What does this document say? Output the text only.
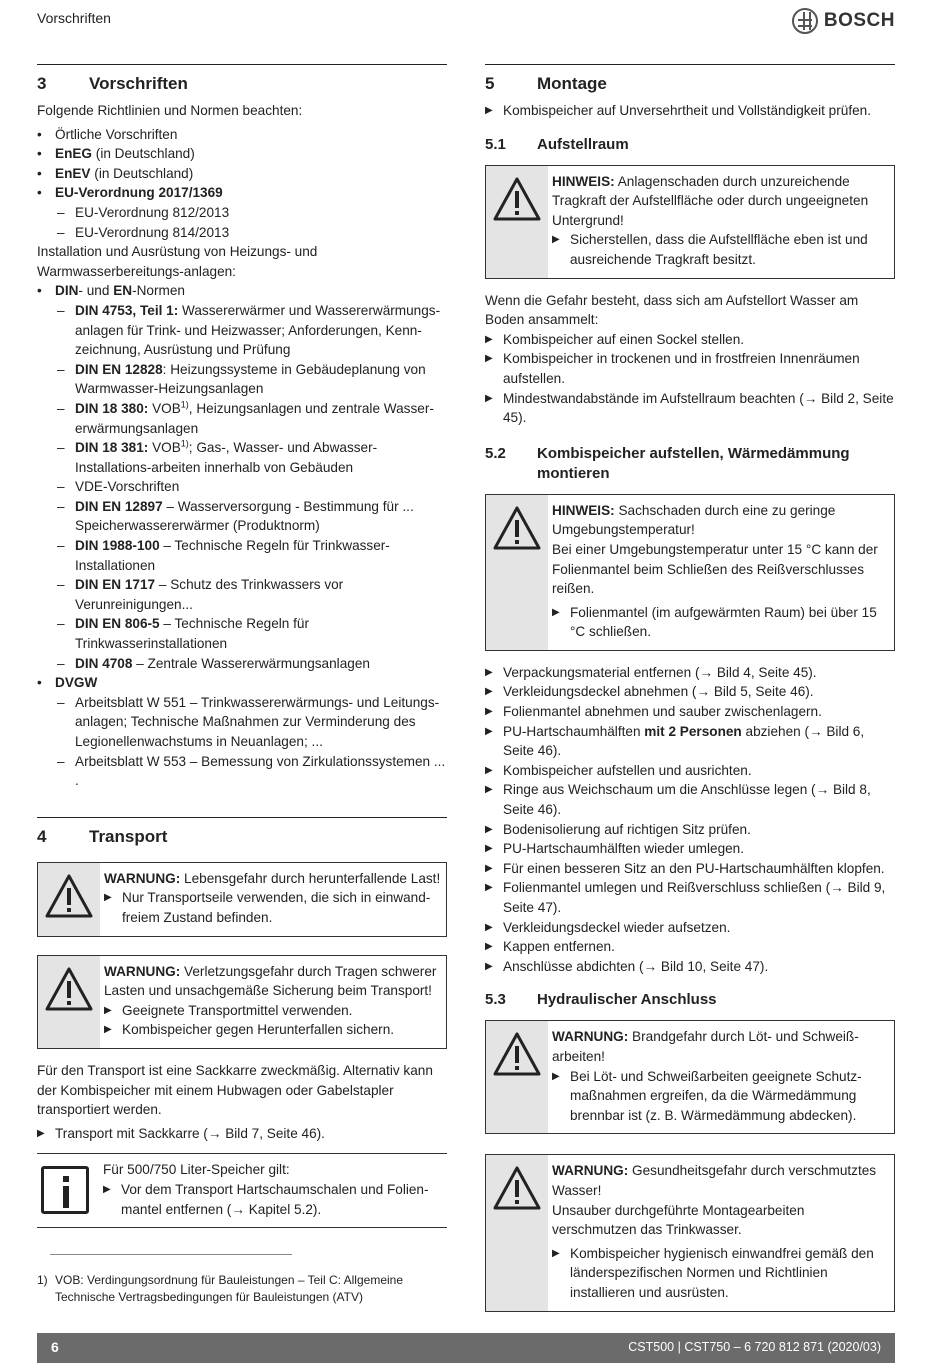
Vorschriften	BOSCH
3	Vorschriften

Folgende Richtlinien und Normen beachten:

• Örtliche Vorschriften
• EnEG (in Deutschland)
• EnEV (in Deutschland)
• EU-Verordnung 2017/1369
– EU-Verordnung 812/2013
– EU-Verordnung 814/2013

Installation und Ausrüstung von Heizungs- und Warmwasserbereitungs-anlagen:

• DIN- und EN-Normen
– DIN 4753, Teil 1: Wassererwärmer und Wassererwärmungs-anlagen für Trink- und Heizwasser; Anforderungen, Kenn-zeichnung, Ausrüstung und Prüfung
– DIN EN 12828: Heizungssysteme in Gebäudeplanung von Warmwasser-Heizungsanlagen
– DIN 18 380: VOB$^{1)}$, Heizungsanlagen und zentrale Wasser-erwärmungsanlagen
– DIN 18 381: VOB$^{1)}$; Gas-, Wasser- und Abwasser-Installations-arbeiten innerhalb von Gebäuden
– VDE-Vorschriften
– DIN EN 12897 – Wasserversorgung - Bestimmung für ... Speicherwassererwärmer (Produktnorm)
– DIN 1988-100 – Technische Regeln für Trinkwasser-Installationen
– DIN EN 1717 – Schutz des Trinkwassers vor Verunreinigungen...
– DIN EN 806-5 – Technische Regeln für Trinkwasserinstallationen
– DIN 4708 – Zentrale Wassererwärmungsanlagen
• DVGW
– Arbeitsblatt W 551 – Trinkwassererwärmungs- und Leitungs-anlagen; Technische Maßnahmen zur Verminderung des Legionellenwachstums in Neuanlagen; ...
– Arbeitsblatt W 553 – Bemessung von Zirkulationssystemen ... .
4	Transport

WARNUNG: Lebensgefahr durch herunterfallende Last!

▶ Nur Transportseile verwenden, die sich in einwand-freiem Zustand befinden.

WARNUNG: Verletzungsgefahr durch Tragen schwerer Lasten und unsachgemäße Sicherung beim Transport!

▶ Geeignete Transportmittel verwenden.
▶ Kombispeicher gegen Herunterfallen sichern.

Für den Transport ist eine Sackkarre zweckmäßig. Alternativ kann der Kombispeicher mit einem Hubwagen oder Gabelstapler transportiert werden.

▶ Transport mit Sackkarre (→ Bild 7, Seite 46).

Für 500/750 Liter-Speicher gilt:

▶ Vor dem Transport Hartschaumschalen und Folien-mantel entfernen (→ Kapitel 5.2).
5	Montage
▶ Kombispeicher auf Unversehrtheit und Vollständigkeit prüfen.
5.1	Aufstellraum

HINWEIS: Anlagenschaden durch unzureichende Tragkraft der Aufstellfläche oder durch ungeeigneten Untergrund!

▶ Sicherstellen, dass die Aufstellfläche eben ist und ausreichende Tragkraft besitzt.

Wenn die Gefahr besteht, dass sich am Aufstellort Wasser am Boden ansammelt:

▶ Kombispeicher auf einen Sockel stellen.
▶ Kombispeicher in trockenen und in frostfreien Innenräumen aufstellen.
▶ Mindestwandabstände im Aufstellraum beachten (→ Bild 2, Seite 45).
5.2	Kombispeicher aufstellen, Wärmedämmung montieren

HINWEIS: Sachschaden durch eine zu geringe Umgebungstemperatur!

Bei einer Umgebungstemperatur unter 15 °C kann der Folienmantel beim Schließen des Reißverschlusses reißen.

▶ Folienmantel (im aufgewärmten Raum) bei über 15 °C schließen.
▶ Verpackungsmaterial entfernen (→ Bild 4, Seite 45).
▶ Verkleidungsdeckel abnehmen (→ Bild 5, Seite 46).
▶ Folienmantel abnehmen und sauber zwischenlagern.
▶ PU-Hartschaumhälften mit 2 Personen abziehen (→ Bild 6, Seite 46).
▶ Kombispeicher aufstellen und ausrichten.
▶ Ringe aus Weichschaum um die Anschlüsse legen (→ Bild 8, Seite 46).
▶ Bodenisolierung auf richtigen Sitz prüfen.
▶ PU-Hartschaumhälften wieder umlegen.
▶ Für einen besseren Sitz an den PU-Hartschaumhälften klopfen.
▶ Folienmantel umlegen und Reißverschluss schließen (→ Bild 9, Seite 47).
▶ Verkleidungsdeckel wieder aufsetzen.
▶ Kappen entfernen.
▶ Anschlüsse abdichten (→ Bild 10, Seite 47).
5.3	Hydraulischer Anschluss

WARNUNG: Brandgefahr durch Löt- und Schweiß-arbeiten!

▶ Bei Löt- und Schweißarbeiten geeignete Schutz-maßnahmen ergreifen, da die Wärmedämmung brennbar ist (z. B. Wärmedämmung abdecken).

WARNUNG: Gesundheitsgefahr durch verschmutztes Wasser!

Unsauber durchgeführte Montagearbeiten verschmutzen das Trinkwasser.

▶ Kombispeicher hygienisch einwandfrei gemäß den länderspezifischen Normen und Richtlinien installieren und ausrüsten.
1) VOB: Verdingungsordnung für Bauleistungen – Teil C: Allgemeine Technische Vertragsbedingungen für Bauleistungen (ATV)
6	CST500 | CST750 – 6 720 812 871 (2020/03)
